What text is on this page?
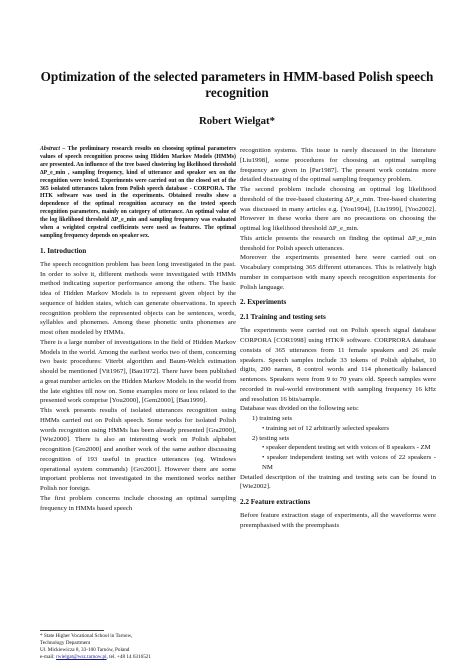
Optimization of the selected parameters in HMM-based Polish speech recognition
Robert Wielgat*

Abstract – The preliminary research results on choosing optimal parameters values of speech recognition process using Hidden Markov Models (HMMs) are presented. An influence of the tree based clustering log likelihood threshold ΔP_e_min , sampling frequency, kind of utterance and speaker sex on the recognition were tested. Experiments were carried out on the closed set of the 365 isolated utterances taken from Polish speech database - CORPORA. The HTK software was used in the experiments. Obtained results show a dependence of the optimal recognition accuracy on the tested speech recognition parameters, mainly on category of utterance. An optimal value of the log likelihood threshold ΔP_e_min and sampling frequency was evaluated when a weighted cepstral coefficients were used as features. The optimal sampling frequency depends on speaker sex.

1. Introduction

The speech recognition problem has been long investigated in the past. In order to solve it, different methods were investigated with HMMs method indicating superior performance among the others. The basic idea of Hidden Markov Models is to represent given object by the sequence of hidden states, which can generate observations. In speech recognition problem the represented objects can be sentences, words, syllables and phonemes. Among these phonetic units phonemes are most often modeled by HMMs.

There is a large number of investigations in the field of Hidden Markov Models in the world. Among the earliest works two of them, concerning two basic procedures: Viterbi algorithm and Baum-Welch estimation should be mentioned [Vit1967], [Bau1972]. There have been published a great number articles on the Hidden Markov Models in the world from the late eighties till now on. Some examples more or less related to the presented work comprise [You2000], [Gem2000], [Bau1999].

This work presents results of isolated utterances recognition using HMMs carried out on Polish speech. Some works for isolated Polish words recognition using HMMs has been already presented [Gra2000], [Wie2000]. There is also an interesting work on Polish alphabet recognition [Gro2000] and another work of the same author discussing recognition of 193 useful in practice utterances (eg. Windows operational system commands) [Gro2001]. However there are some important problems not investigated in the mentioned works neither Polish nor foreign.

The first problem concerns include choosing an optimal sampling frequency in HMMs based speech

recognition systems. This issue is rarely discussed in the literature [Liu1998], some procedures for choosing an optimal sampling frequency are given in [Par1987]. The present work contains more detailed discussing of the optimal sampling frequency problem.

The second problem include choosing an optimal log likelihood threshold of the tree-based clustering ΔP_e_min. Tree-based clustering was discussed in many articles e.g. [You1994], [Liu1999], [Yoo2002]. However in these works there are no precautions on choosing the optimal log likelihood threshold ΔP_e_min.

This article presents the research on finding the optimal ΔP_e_min threshold for Polish speech utterances.

Moreover the experiments presented here were carried out on Vocabulary comprising 365 different utterances. This is relatively high number in comparison with many speech recognition experiments for Polish language.

2. Experiments
2.1 Training and testing sets

The experiments were carried out on Polish speech signal database CORPORA [COR1998] using HTK® software. CORPRORA database consists of 365 utterances from 11 female speakers and 26 male speakers. Speech samples include 33 tokens of Polish alphabet, 10 digits, 200 names, 8 control words and 114 phonetically balanced sentences. Speakers were from 9 to 70 years old. Speech samples were recorded in real-world environment with sampling frequency 16 kHz and resolution 16 bits/sample.

Database was divided on the following sets:

1) training sets
• training set of 12 arbitrarily selected speakers
2) testing sets
• speaker dependent testing set with voices of 8 speakers - ZM
• speaker independent testing set with voices of 22 speakers - NM

Detailed description of the training and testing sets can be found in [Wie2002].

2.2 Feature extractions

Before feature extraction stage of experiments, all the waveforms were preemphasised with the preemphasis

* State Higher Vocational School in Tarnow,
Technology Department
Ul. Mickiewicza 8, 33-100 Tarnów, Poland
e-mail: rwielgat@wsz.tarnow.pl, tel. +48 14 6316521
